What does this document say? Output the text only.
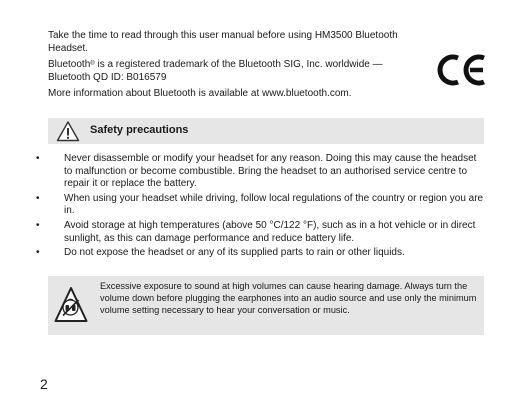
Take the time to read through this user manual before using HM3500 Bluetooth Headset.

Bluetooth® is a registered trademark of the Bluetooth SIG, Inc. worldwide — Bluetooth QD ID: B016579

More information about Bluetooth is available at www.bluetooth.com.

Safety precautions
• Never disassemble or modify your headset for any reason. Doing this may cause the headset to malfunction or become combustible. Bring the headset to an authorised service centre to repair it or replace the battery.
• When using your headset while driving, follow local regulations of the country or region you are in.
• Avoid storage at high temperatures (above 50 °C/122 °F), such as in a hot vehicle or in direct sunlight, as this can damage performance and reduce battery life.
• Do not expose the headset or any of its supplied parts to rain or other liquids.
Excessive exposure to sound at high volumes can cause hearing damage. Always turn the volume down before plugging the earphones into an audio source and use only the minimum volume setting necessary to hear your conversation or music.
2
